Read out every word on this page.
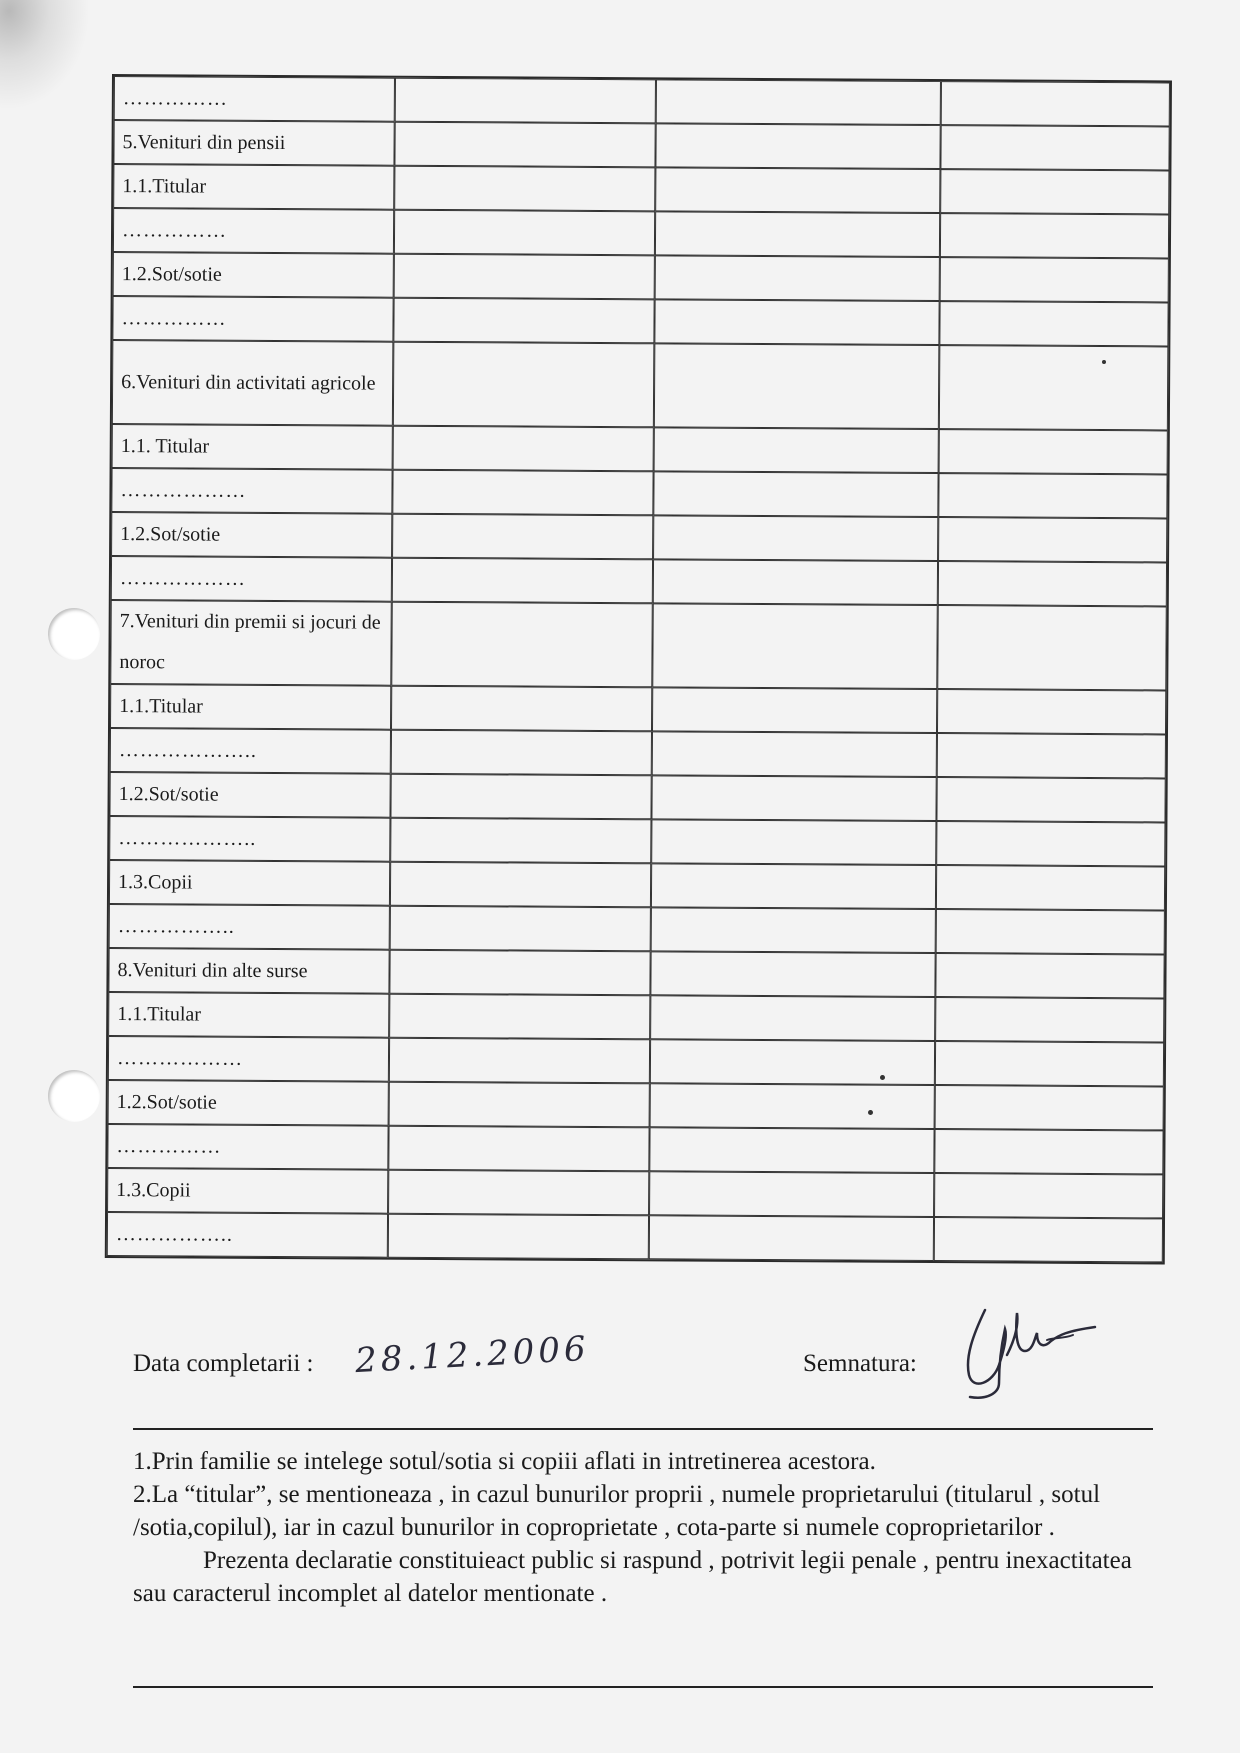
……………			
5.Venituri din pensii			
1.1.Titular			
……………			
1.2.Sot/sotie			
……………			
6.Venituri din activitati agricole			
1.1. Titular			
………………			
1.2.Sot/sotie			
………………			
7.Venituri din premii si jocuri de noroc			
1.1.Titular			
………………..			
1.2.Sot/sotie			
………………..			
1.3.Copii			
……………..			
8.Venituri din alte surse			
1.1.Titular			
………………			
1.2.Sot/sotie			
……………			
1.3.Copii			
……………..			
Data completarii : 28.12.2006	Semnatura:

1.Prin familie se intelege sotul/sotia si copiii aflati in intretinerea acestora.

2.La “titular”, se mentioneaza , in cazul bunurilor proprii , numele proprietarului (titularul , sotul /sotia,copilul), iar in cazul bunurilor in coproprietate , cota-parte si numele coproprietarilor .

Prezenta declaratie constituieact public si raspund , potrivit legii penale , pentru inexactitatea sau caracterul incomplet al datelor mentionate .
